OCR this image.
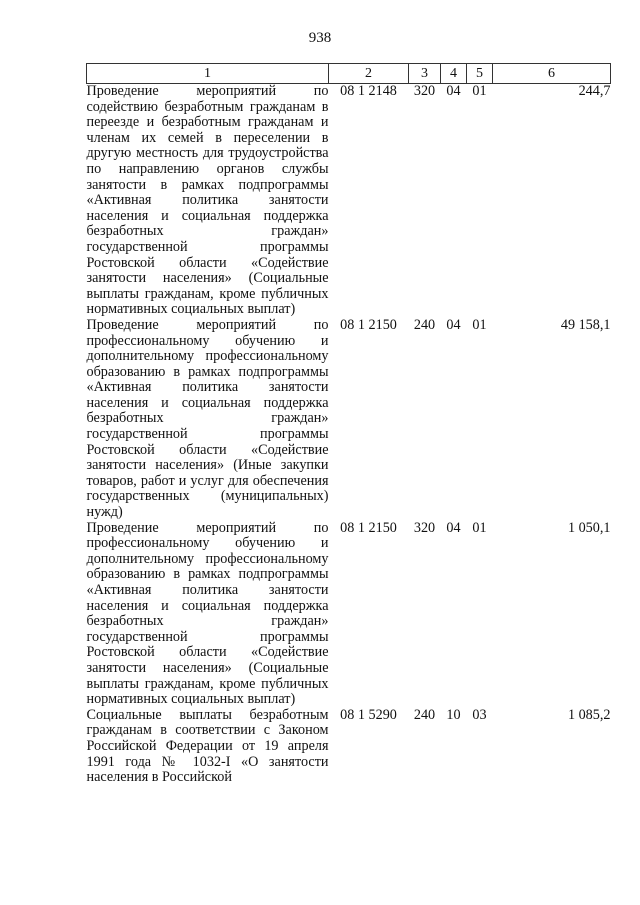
938
1	2	3	4	5	6
Проведение мероприятий по содействию безработным гражданам в переезде и безработным гражданам и членам их семей в переселении в другую местность для трудоустройства по направлению органов службы занятости в рамках подпрограммы «Активная политика занятости населения и социальная поддержка безработных граждан» государственной программы Ростовской области «Содействие занятости населения» (Социальные выплаты гражданам, кроме публичных нормативных социальных выплат)	08 1 2148	320	04	01	244,7
Проведение мероприятий по профессиональному обучению и дополнительному профессиональному образованию в рамках подпрограммы «Активная политика занятости населения и социальная поддержка безработных граждан» государственной программы Ростовской области «Содействие занятости населения» (Иные закупки товаров, работ и услуг для обеспечения государственных (муниципальных) нужд)	08 1 2150	240	04	01	49 158,1
Проведение мероприятий по профессиональному обучению и дополнительному профессиональному образованию в рамках подпрограммы «Активная политика занятости населения и социальная поддержка безработных граждан» государственной программы Ростовской области «Содействие занятости населения» (Социальные выплаты гражданам, кроме публичных нормативных социальных выплат)	08 1 2150	320	04	01	1 050,1
Социальные выплаты безработным гражданам в соответствии с Законом Российской Федерации от 19 апреля 1991 года № 1032-I «О занятости населения в Российской	08 1 5290	240	10	03	1 085,2
